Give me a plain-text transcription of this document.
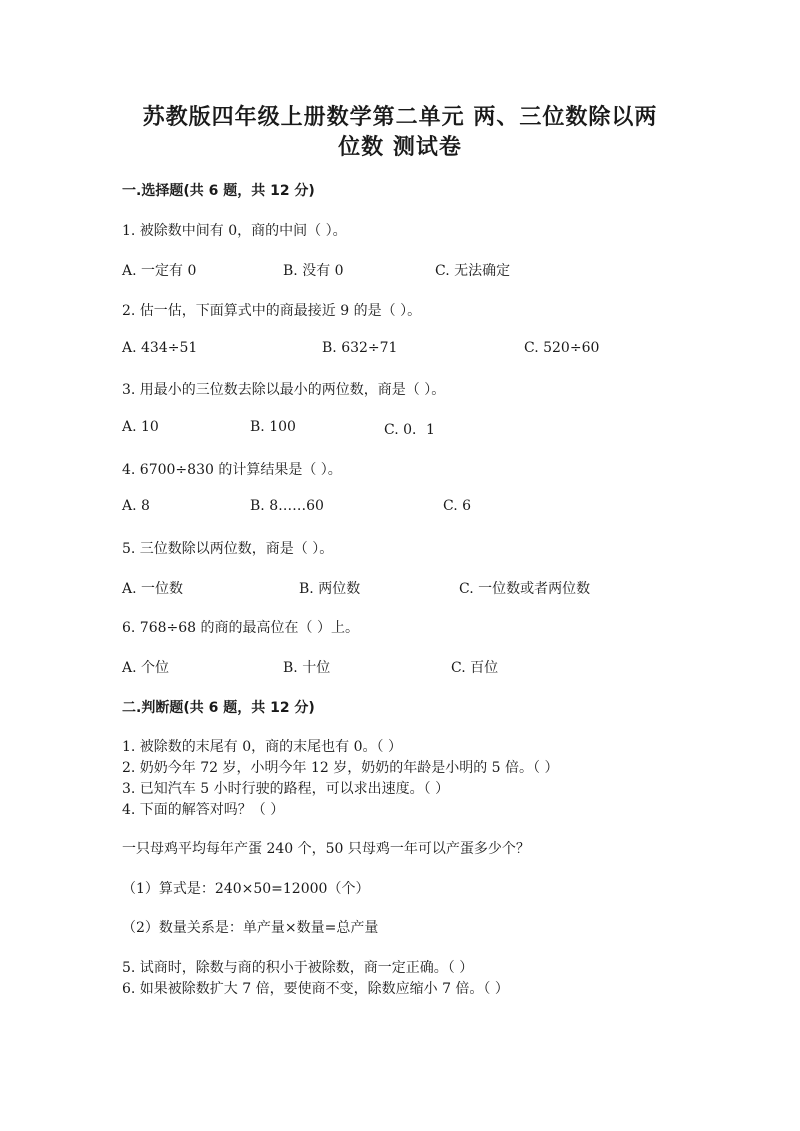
苏教版四年级上册数学第二单元 两、三位数除以两
位数 测试卷
一.选择题(共 6 题，共 12 分)
1. 被除数中间有 0，商的中间（ ）。
A. 一定有 0	B. 没有 0	C. 无法确定
2. 估一估，下面算式中的商最接近 9 的是（ ）。
A. 434÷51	B. 632÷71	C. 520÷60
3. 用最小的三位数去除以最小的两位数，商是（ ）。
A. 10	B. 100	C. 0．1
4. 6700÷830 的计算结果是（ ）。
A. 8	B. 8……60	C. 6
5. 三位数除以两位数，商是（ ）。
A. 一位数	B. 两位数	C. 一位数或者两位数
6. 768÷68 的商的最高位在（ ）上。
A. 个位	B. 十位	C. 百位
二.判断题(共 6 题，共 12 分)
1. 被除数的末尾有 0，商的末尾也有 0。（ ）
2. 奶奶今年 72 岁，小明今年 12 岁，奶奶的年龄是小明的 5 倍。（ ）
3. 已知汽车 5 小时行驶的路程，可以求出速度。（ ）
4. 下面的解答对吗？（ ）
一只母鸡平均每年产蛋 240 个，50 只母鸡一年可以产蛋多少个？
（1）算式是：240×50=12000（个）
（2）数量关系是：单产量×数量=总产量
5. 试商时，除数与商的积小于被除数，商一定正确。（ ）
6. 如果被除数扩大 7 倍，要使商不变，除数应缩小 7 倍。（ ）
